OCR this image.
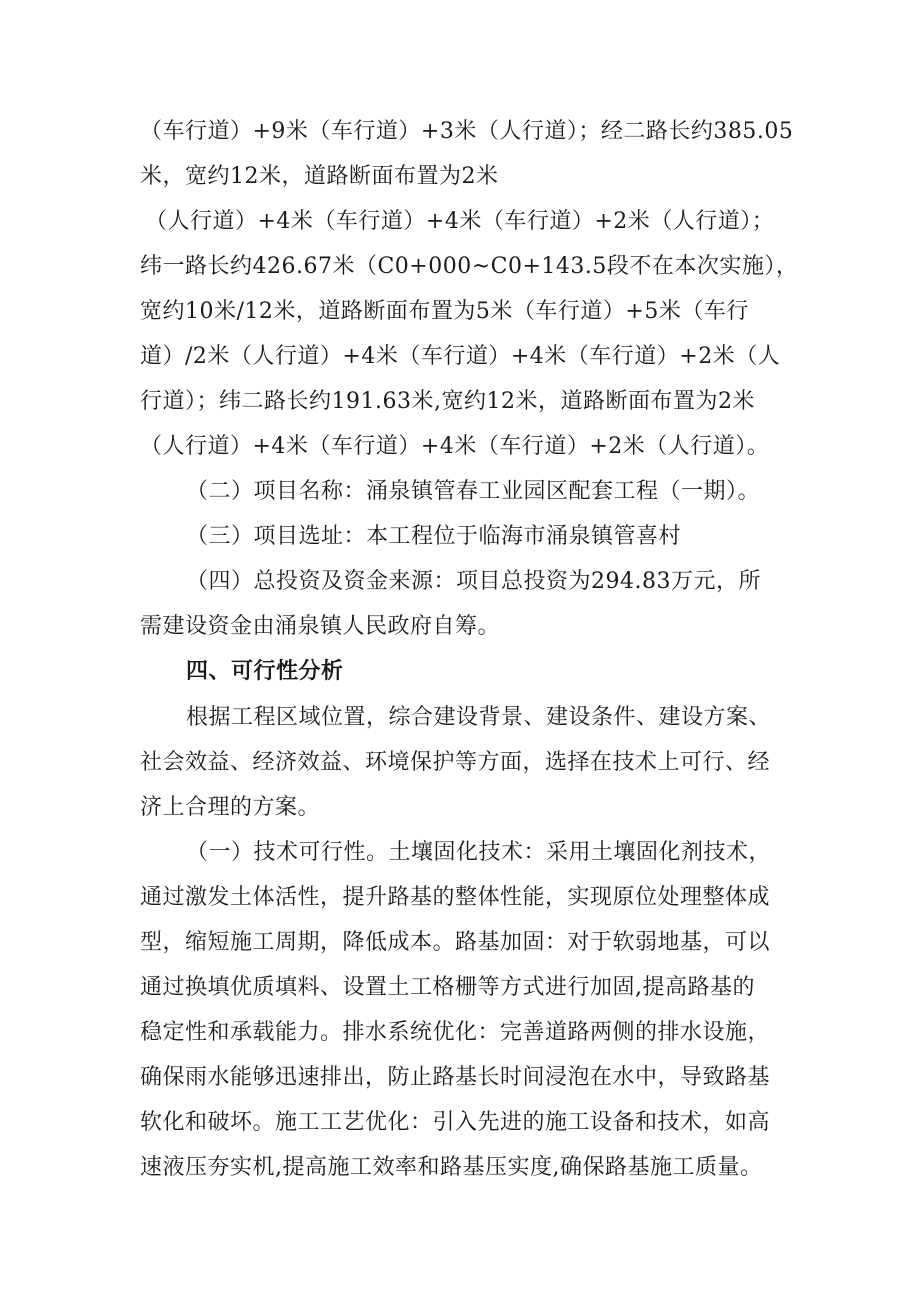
（车行道）+9米（车行道）+3米（人行道）；经二路长约385.05
米，宽约12米，道路断面布置为2米
（人行道）+4米（车行道）+4米（车行道）+2米（人行道）；
纬一路长约426.67米（C0+000~C0+143.5段不在本次实施），
宽约10米/12米，道路断面布置为5米（车行道）+5米（车行
道）/2米（人行道）+4米（车行道）+4米（车行道）+2米（人
行道）；纬二路长约191.63米,宽约12米，道路断面布置为2米
（人行道）+4米（车行道）+4米（车行道）+2米（人行道）。
（二）项目名称：涌泉镇管春工业园区配套工程（一期）。
（三）项目选址：本工程位于临海市涌泉镇管喜村
（四）总投资及资金来源：项目总投资为294.83万元，所
需建设资金由涌泉镇人民政府自筹。
四、可行性分析
根据工程区域位置，综合建设背景、建设条件、建设方案、
社会效益、经济效益、环境保护等方面，选择在技术上可行、经
济上合理的方案。
（一）技术可行性。土壤固化技术：采用土壤固化剂技术，
通过激发土体活性，提升路基的整体性能，实现原位处理整体成
型，缩短施工周期，降低成本。路基加固：对于软弱地基，可以
通过换填优质填料、设置土工格栅等方式进行加固,提高路基的
稳定性和承载能力。排水系统优化：完善道路两侧的排水设施，
确保雨水能够迅速排出，防止路基长时间浸泡在水中，导致路基
软化和破坏。施工工艺优化：引入先进的施工设备和技术，如高
速液压夯实机,提高施工效率和路基压实度,确保路基施工质量。
